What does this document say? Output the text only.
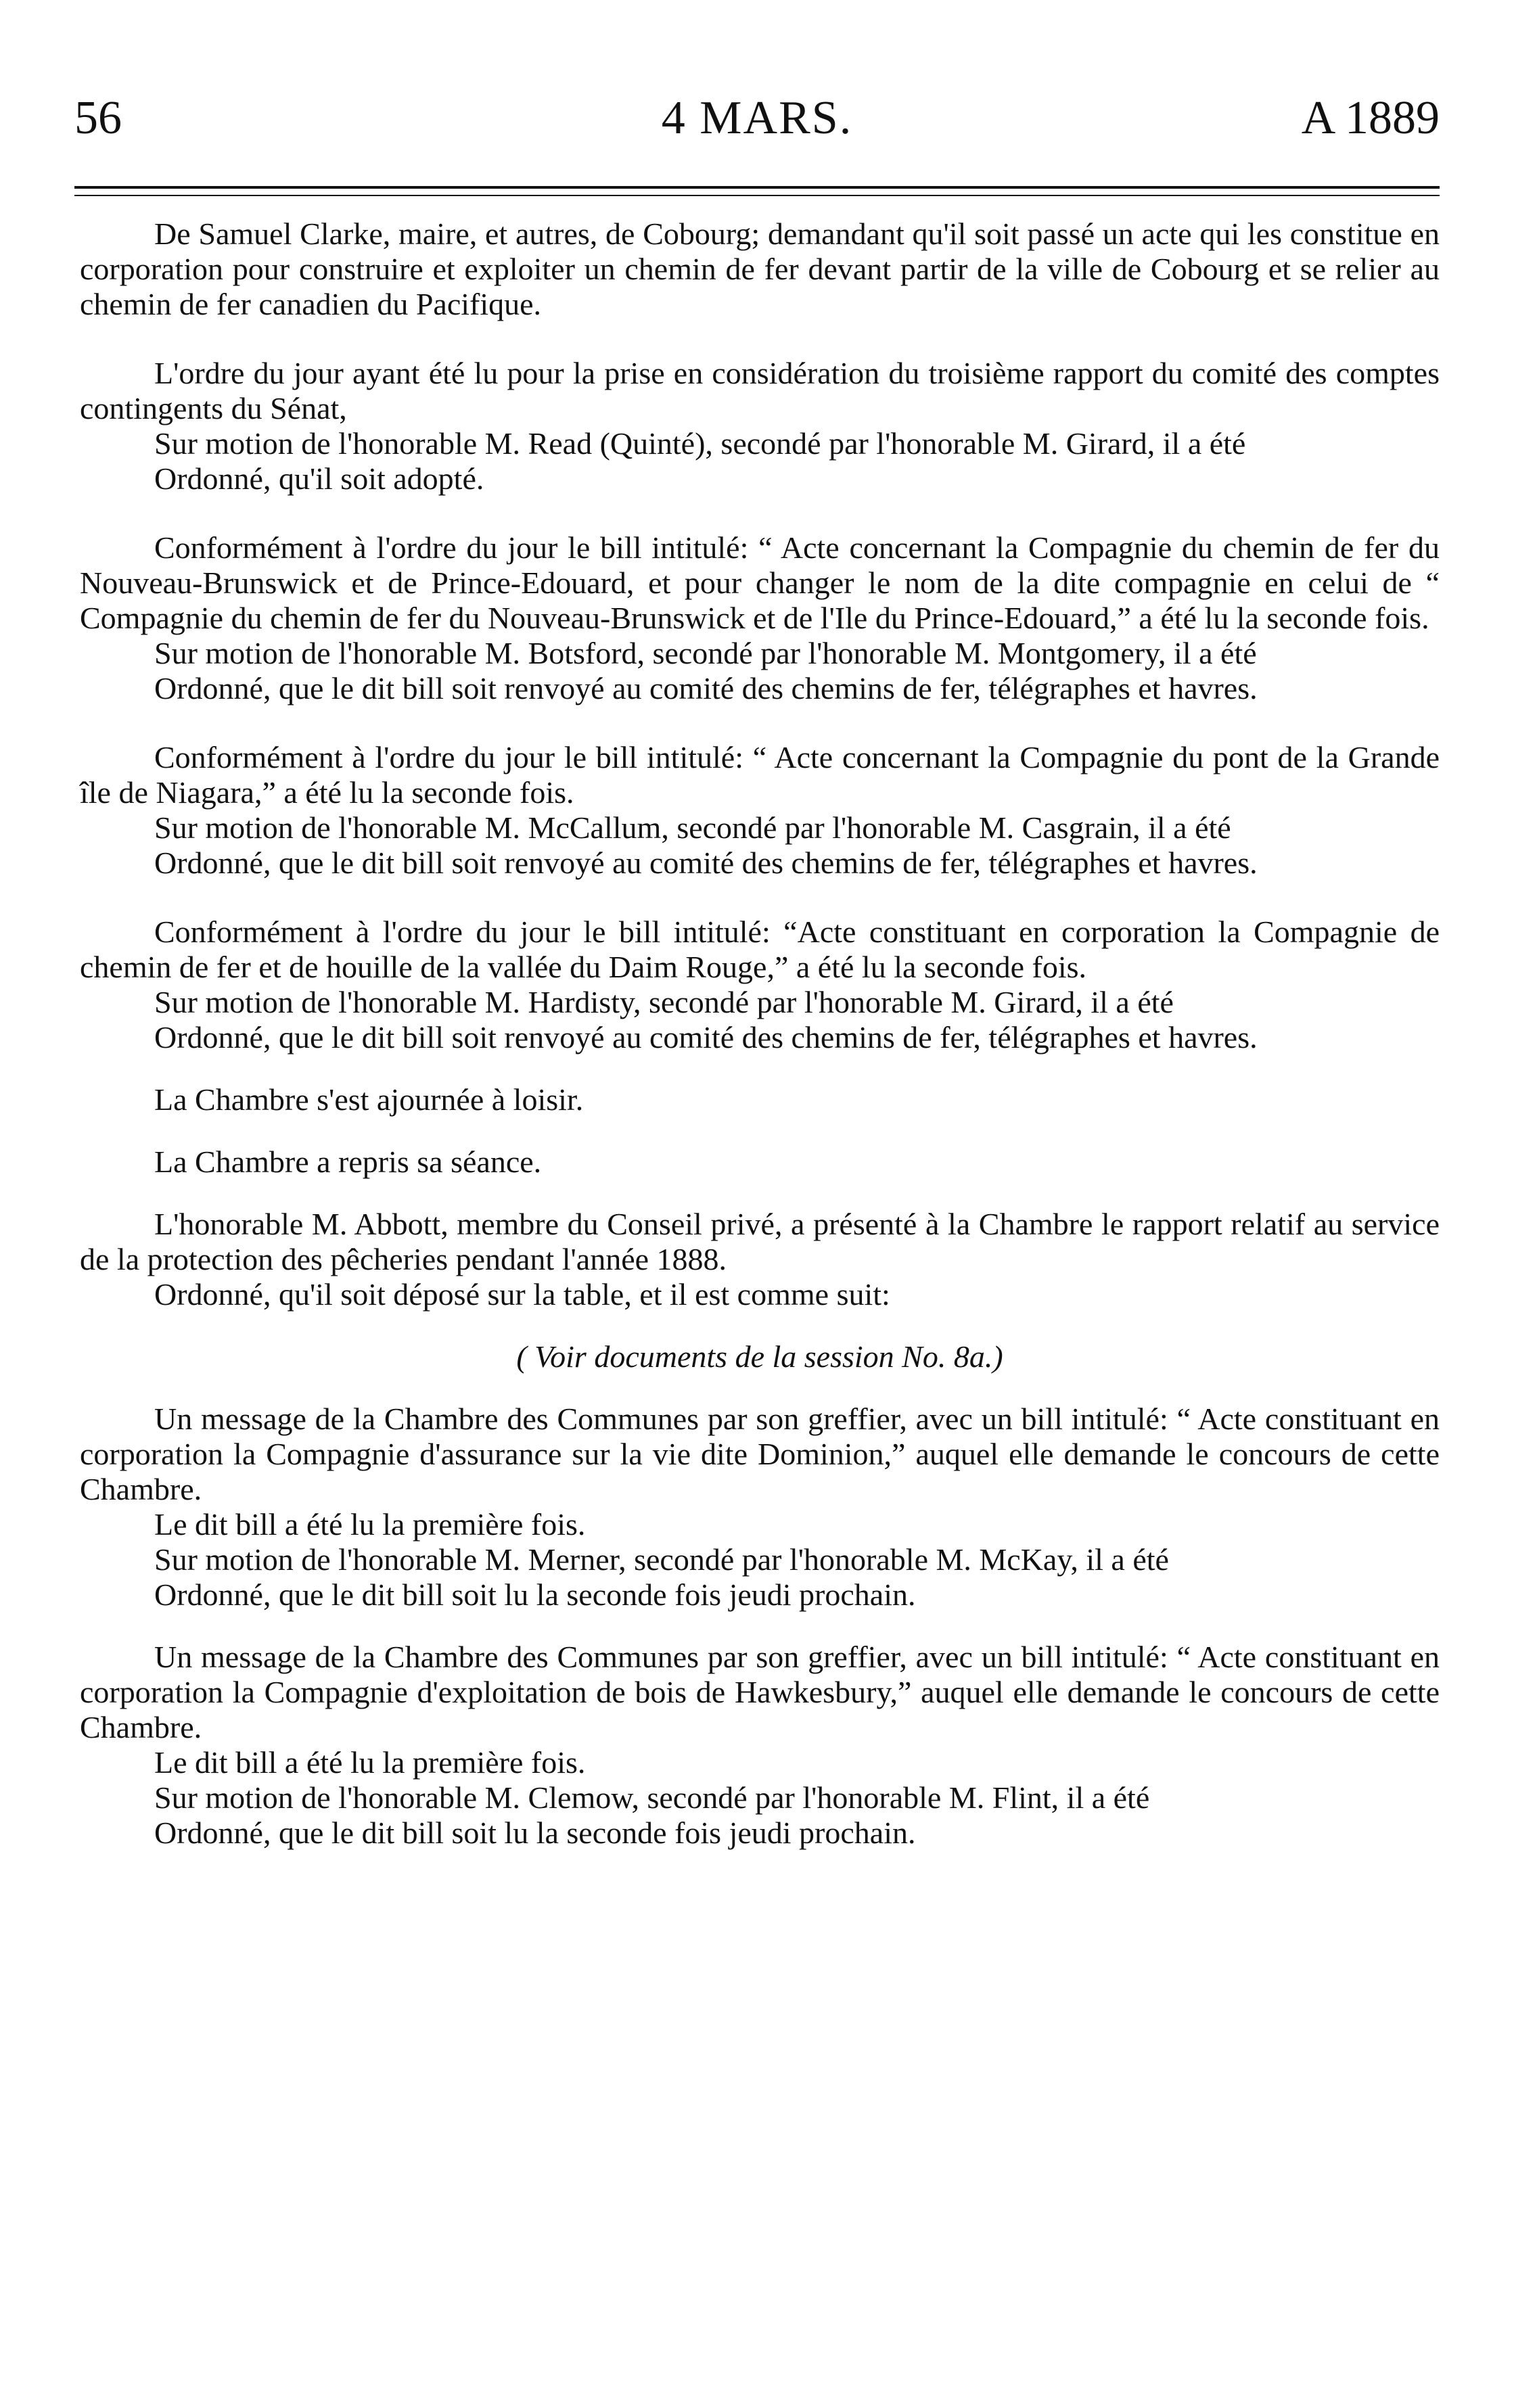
56	4 MARS.	A 1889

De Samuel Clarke, maire, et autres, de Cobourg; demandant qu'il soit passé un acte qui les constitue en corporation pour construire et exploiter un chemin de fer devant partir de la ville de Cobourg et se relier au chemin de fer canadien du Pacifique.

L'ordre du jour ayant été lu pour la prise en considération du troisième rapport du comité des comptes contingents du Sénat,

Sur motion de l'honorable M. Read (Quinté), secondé par l'honorable M. Girard, il a été

Ordonné, qu'il soit adopté.

Conformément à l'ordre du jour le bill intitulé: “ Acte concernant la Compagnie du chemin de fer du Nouveau-Brunswick et de Prince-Edouard, et pour changer le nom de la dite compagnie en celui de “ Compagnie du chemin de fer du Nouveau-Brunswick et de l'Ile du Prince-Edouard,” a été lu la seconde fois.

Sur motion de l'honorable M. Botsford, secondé par l'honorable M. Montgomery, il a été

Ordonné, que le dit bill soit renvoyé au comité des chemins de fer, télégraphes et havres.

Conformément à l'ordre du jour le bill intitulé: “ Acte concernant la Compagnie du pont de la Grande île de Niagara,” a été lu la seconde fois.

Sur motion de l'honorable M. McCallum, secondé par l'honorable M. Casgrain, il a été

Ordonné, que le dit bill soit renvoyé au comité des chemins de fer, télégraphes et havres.

Conformément à l'ordre du jour le bill intitulé: “Acte constituant en corporation la Compagnie de chemin de fer et de houille de la vallée du Daim Rouge,” a été lu la seconde fois.

Sur motion de l'honorable M. Hardisty, secondé par l'honorable M. Girard, il a été

Ordonné, que le dit bill soit renvoyé au comité des chemins de fer, télégraphes et havres.

La Chambre s'est ajournée à loisir.

La Chambre a repris sa séance.

L'honorable M. Abbott, membre du Conseil privé, a présenté à la Chambre le rapport relatif au service de la protection des pêcheries pendant l'année 1888.

Ordonné, qu'il soit déposé sur la table, et il est comme suit:

( Voir documents de la session No. 8a.)

Un message de la Chambre des Communes par son greffier, avec un bill intitulé: “ Acte constituant en corporation la Compagnie d'assurance sur la vie dite Dominion,” auquel elle demande le concours de cette Chambre.

Le dit bill a été lu la première fois.

Sur motion de l'honorable M. Merner, secondé par l'honorable M. McKay, il a été

Ordonné, que le dit bill soit lu la seconde fois jeudi prochain.

Un message de la Chambre des Communes par son greffier, avec un bill intitulé: “ Acte constituant en corporation la Compagnie d'exploitation de bois de Hawkesbury,” auquel elle demande le concours de cette Chambre.

Le dit bill a été lu la première fois.

Sur motion de l'honorable M. Clemow, secondé par l'honorable M. Flint, il a été

Ordonné, que le dit bill soit lu la seconde fois jeudi prochain.
